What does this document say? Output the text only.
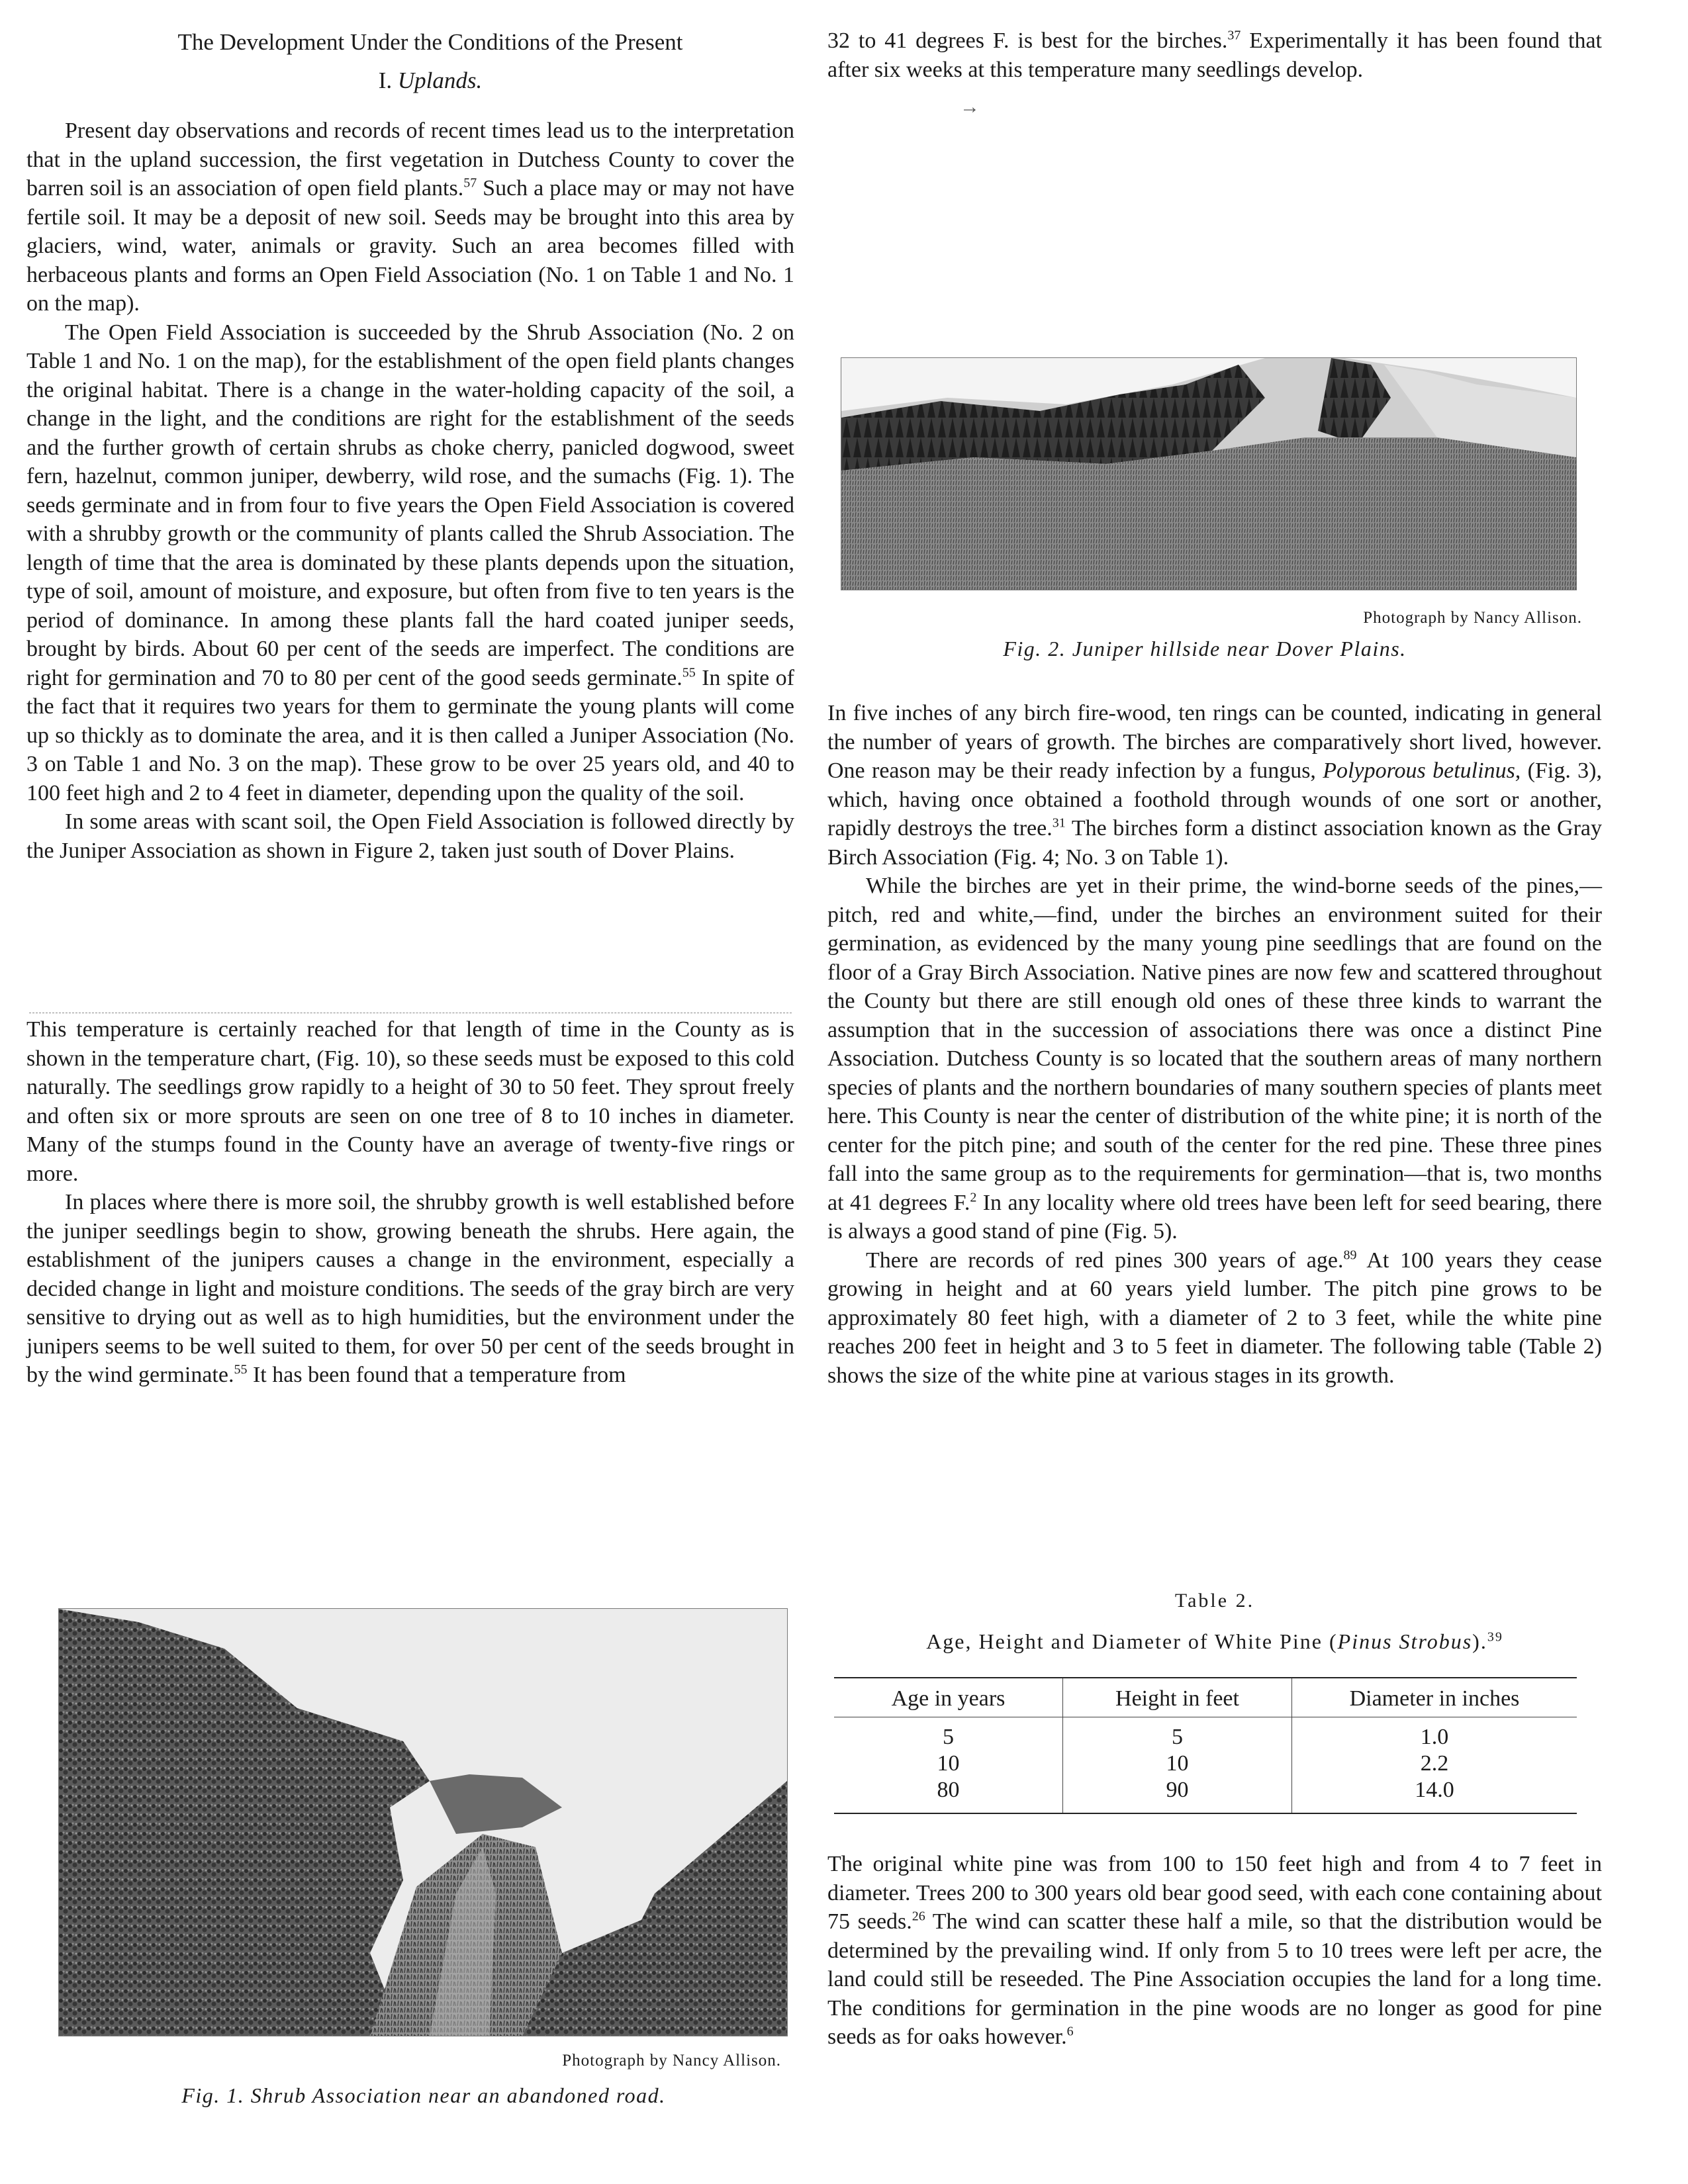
The Development Under the Conditions of the Present

I. Uplands.

Present day observations and records of recent times lead us to the interpretation that in the upland succession, the first vegetation in Dutchess County to cover the barren soil is an association of open field plants.$^{57}$ Such a place may or may not have fertile soil. It may be a deposit of new soil. Seeds may be brought into this area by glaciers, wind, water, animals or gravity. Such an area becomes filled with herbaceous plants and forms an Open Field Association (No. 1 on Table 1 and No. 1 on the map).

The Open Field Association is succeeded by the Shrub Association (No. 2 on Table 1 and No. 1 on the map), for the establishment of the open field plants changes the original habitat. There is a change in the water-holding capacity of the soil, a change in the light, and the conditions are right for the establishment of the seeds and the further growth of certain shrubs as choke cherry, panicled dogwood, sweet fern, hazelnut, common juniper, dewberry, wild rose, and the sumachs (Fig. 1). The seeds germinate and in from four to five years the Open Field Association is covered with a shrubby growth or the community of plants called the Shrub Association. The length of time that the area is dominated by these plants depends upon the situation, type of soil, amount of moisture, and exposure, but often from five to ten years is the period of dominance. In among these plants fall the hard coated juniper seeds, brought by birds. About 60 per cent of the seeds are imperfect. The conditions are right for germination and 70 to 80 per cent of the good seeds germinate.$^{55}$ In spite of the fact that it requires two years for them to germinate the young plants will come up so thickly as to dominate the area, and it is then called a Juniper Association (No. 3 on Table 1 and No. 3 on the map). These grow to be over 25 years old, and 40 to 100 feet high and 2 to 4 feet in diameter, depending upon the quality of the soil.

In some areas with scant soil, the Open Field Association is followed directly by the Juniper Association as shown in Figure 2, taken just south of Dover Plains.

This temperature is certainly reached for that length of time in the County as is shown in the temperature chart, (Fig. 10), so these seeds must be exposed to this cold naturally. The seedlings grow rapidly to a height of 30 to 50 feet. They sprout freely and often six or more sprouts are seen on one tree of 8 to 10 inches in diameter. Many of the stumps found in the County have an average of twenty-five rings or more.

In places where there is more soil, the shrubby growth is well established before the juniper seedlings begin to show, growing beneath the shrubs. Here again, the establishment of the junipers causes a change in the environment, especially a decided change in light and moisture conditions. The seeds of the gray birch are very sensitive to drying out as well as to high humidities, but the environment under the junipers seems to be well suited to them, for over 50 per cent of the seeds brought in by the wind germinate.$^{55}$ It has been found that a temperature from

Photograph by Nancy Allison.

Fig. 1. Shrub Association near an abandoned road.

32 to 41 degrees F. is best for the birches.$^{37}$ Experimentally it has been found that after six weeks at this temperature many seedlings develop.

→

Photograph by Nancy Allison.

Fig. 2. Juniper hillside near Dover Plains.

In five inches of any birch fire-wood, ten rings can be counted, indicating in general the number of years of growth. The birches are comparatively short lived, however. One reason may be their ready infection by a fungus, Polyporous betulinus, (Fig. 3), which, having once obtained a foothold through wounds of one sort or another, rapidly destroys the tree.$^{31}$ The birches form a distinct association known as the Gray Birch Association (Fig. 4; No. 3 on Table 1).

While the birches are yet in their prime, the wind-borne seeds of the pines,—pitch, red and white,—find, under the birches an environment suited for their germination, as evidenced by the many young pine seedlings that are found on the floor of a Gray Birch Association. Native pines are now few and scattered throughout the County but there are still enough old ones of these three kinds to warrant the assumption that in the succession of associations there was once a distinct Pine Association. Dutchess County is so located that the southern areas of many northern species of plants and the northern boundaries of many southern species of plants meet here. This County is near the center of distribution of the white pine; it is north of the center for the pitch pine; and south of the center for the red pine. These three pines fall into the same group as to the requirements for germination—that is, two months at 41 degrees F.$^2$ In any locality where old trees have been left for seed bearing, there is always a good stand of pine (Fig. 5).

There are records of red pines 300 years of age.$^{89}$ At 100 years they cease growing in height and at 60 years yield lumber. The pitch pine grows to be approximately 80 feet high, with a diameter of 2 to 3 feet, while the white pine reaches 200 feet in height and 3 to 5 feet in diameter. The following table (Table 2) shows the size of the white pine at various stages in its growth.

Table 2.

Age, Height and Diameter of White Pine (Pinus Strobus).$^{39}$

Age in years	Height in feet	Diameter in inches
5	5	1.0
10	10	2.2
80	90	14.0

The original white pine was from 100 to 150 feet high and from 4 to 7 feet in diameter. Trees 200 to 300 years old bear good seed, with each cone containing about 75 seeds.$^{26}$ The wind can scatter these half a mile, so that the distribution would be determined by the prevailing wind. If only from 5 to 10 trees were left per acre, the land could still be reseeded. The Pine Association occupies the land for a long time. The conditions for germination in the pine woods are no longer as good for pine seeds as for oaks however.$^6$
